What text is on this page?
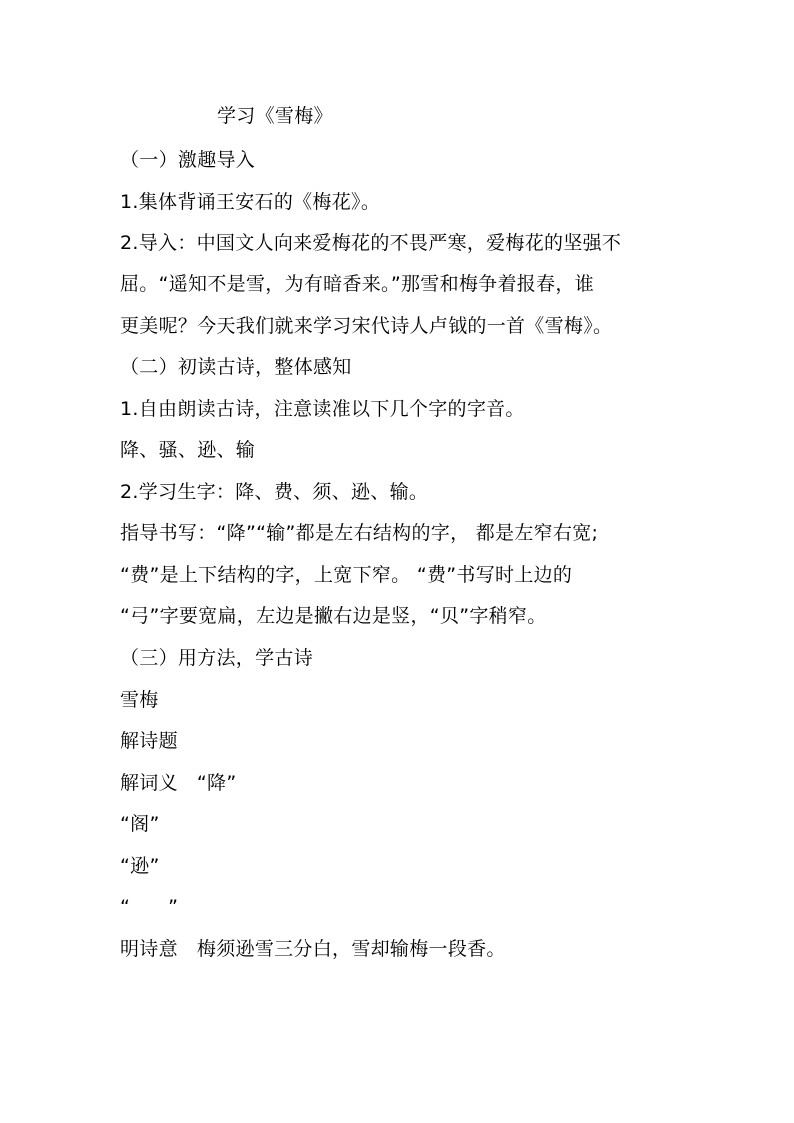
学习《雪梅》
（一）激趣导入
1.集体背诵王安石的《梅花》。
2.导入：中国文人向来爱梅花的不畏严寒，爱梅花的坚强不
屈。“遥知不是雪，为有暗香来。”那雪和梅争着报春，谁
更美呢？今天我们就来学习宋代诗人卢钺的一首《雪梅》。
（二）初读古诗，整体感知
1.自由朗读古诗，注意读准以下几个字的字音。
降、骚、逊、输
2.学习生字：降、费、须、逊、输。
指导书写：“降”“输”都是左右结构的字， 都是左窄右宽;
“费”是上下结构的字，上宽下窄。 “费”书写时上边的
“弓”字要宽扁，左边是撇右边是竖，“贝”字稍窄。
（三）用方法，学古诗
雪梅
解诗题
解词义   “降”
“阁”
“逊”
“      ”
明诗意   梅须逊雪三分白，雪却输梅一段香。
